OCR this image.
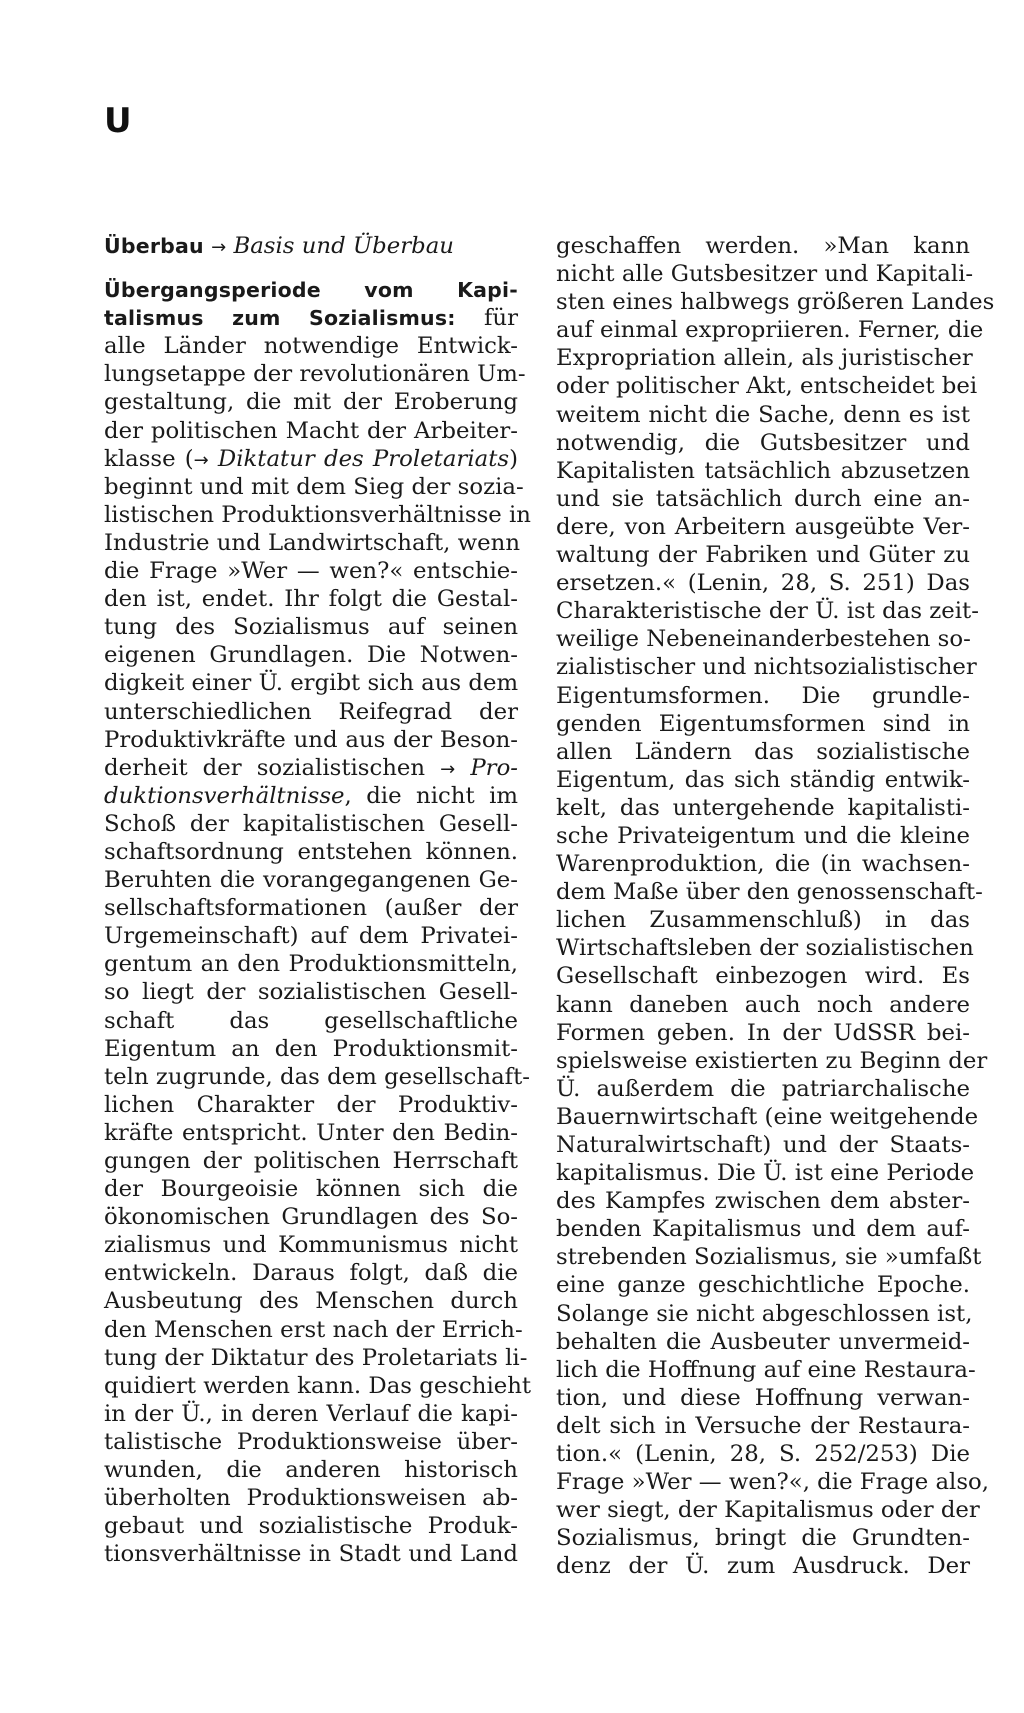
U
Überbau → Basis und Überbau
Übergangsperiode vom Kapi-
talismus zum Sozialismus: für
alle Länder notwendige Entwick-
lungsetappe der revolutionären Um-
gestaltung, die mit der Eroberung
der politischen Macht der Arbeiter-
klasse (→ Diktatur des Proletariats)
beginnt und mit dem Sieg der sozia-
listischen Produktionsverhältnisse in
Industrie und Landwirtschaft, wenn
die Frage »Wer — wen?« entschie-
den ist, endet. Ihr folgt die Gestal-
tung des Sozialismus auf seinen
eigenen Grundlagen. Die Notwen-
digkeit einer Ü. ergibt sich aus dem
unterschiedlichen Reifegrad der
Produktivkräfte und aus der Beson-
derheit der sozialistischen → Pro-
duktionsverhältnisse, die nicht im
Schoß der kapitalistischen Gesell-
schaftsordnung entstehen können.
Beruhten die vorangegangenen Ge-
sellschaftsformationen (außer der
Urgemeinschaft) auf dem Privatei-
gentum an den Produktionsmitteln,
so liegt der sozialistischen Gesell-
schaft das gesellschaftliche
Eigentum an den Produktionsmit-
teln zugrunde, das dem gesellschaft-
lichen Charakter der Produktiv-
kräfte entspricht. Unter den Bedin-
gungen der politischen Herrschaft
der Bourgeoisie können sich die
ökonomischen Grundlagen des So-
zialismus und Kommunismus nicht
entwickeln. Daraus folgt, daß die
Ausbeutung des Menschen durch
den Menschen erst nach der Errich-
tung der Diktatur des Proletariats li-
quidiert werden kann. Das geschieht
in der Ü., in deren Verlauf die kapi-
talistische Produktionsweise über-
wunden, die anderen historisch
überholten Produktionsweisen ab-
gebaut und sozialistische Produk-
tionsverhältnisse in Stadt und Land
geschaffen werden. »Man kann
nicht alle Gutsbesitzer und Kapitali-
sten eines halbwegs größeren Landes
auf einmal expropriieren. Ferner, die
Expropriation allein, als juristischer
oder politischer Akt, entscheidet bei
weitem nicht die Sache, denn es ist
notwendig, die Gutsbesitzer und
Kapitalisten tatsächlich abzusetzen
und sie tatsächlich durch eine an-
dere, von Arbeitern ausgeübte Ver-
waltung der Fabriken und Güter zu
ersetzen.« (Lenin, 28, S. 251) Das
Charakteristische der Ü. ist das zeit-
weilige Nebeneinanderbestehen so-
zialistischer und nichtsozialistischer
Eigentumsformen. Die grundle-
genden Eigentumsformen sind in
allen Ländern das sozialistische
Eigentum, das sich ständig entwik-
kelt, das untergehende kapitalisti-
sche Privateigentum und die kleine
Warenproduktion, die (in wachsen-
dem Maße über den genossenschaft-
lichen Zusammenschluß) in das
Wirtschaftsleben der sozialistischen
Gesellschaft einbezogen wird. Es
kann daneben auch noch andere
Formen geben. In der UdSSR bei-
spielsweise existierten zu Beginn der
Ü. außerdem die patriarchalische
Bauernwirtschaft (eine weitgehende
Naturalwirtschaft) und der Staats-
kapitalismus. Die Ü. ist eine Periode
des Kampfes zwischen dem abster-
benden Kapitalismus und dem auf-
strebenden Sozialismus, sie »umfaßt
eine ganze geschichtliche Epoche.
Solange sie nicht abgeschlossen ist,
behalten die Ausbeuter unvermeid-
lich die Hoffnung auf eine Restaura-
tion, und diese Hoffnung verwan-
delt sich in Versuche der Restaura-
tion.« (Lenin, 28, S. 252/253) Die
Frage »Wer — wen?«, die Frage also,
wer siegt, der Kapitalismus oder der
Sozialismus, bringt die Grundten-
denz der Ü. zum Ausdruck. Der
